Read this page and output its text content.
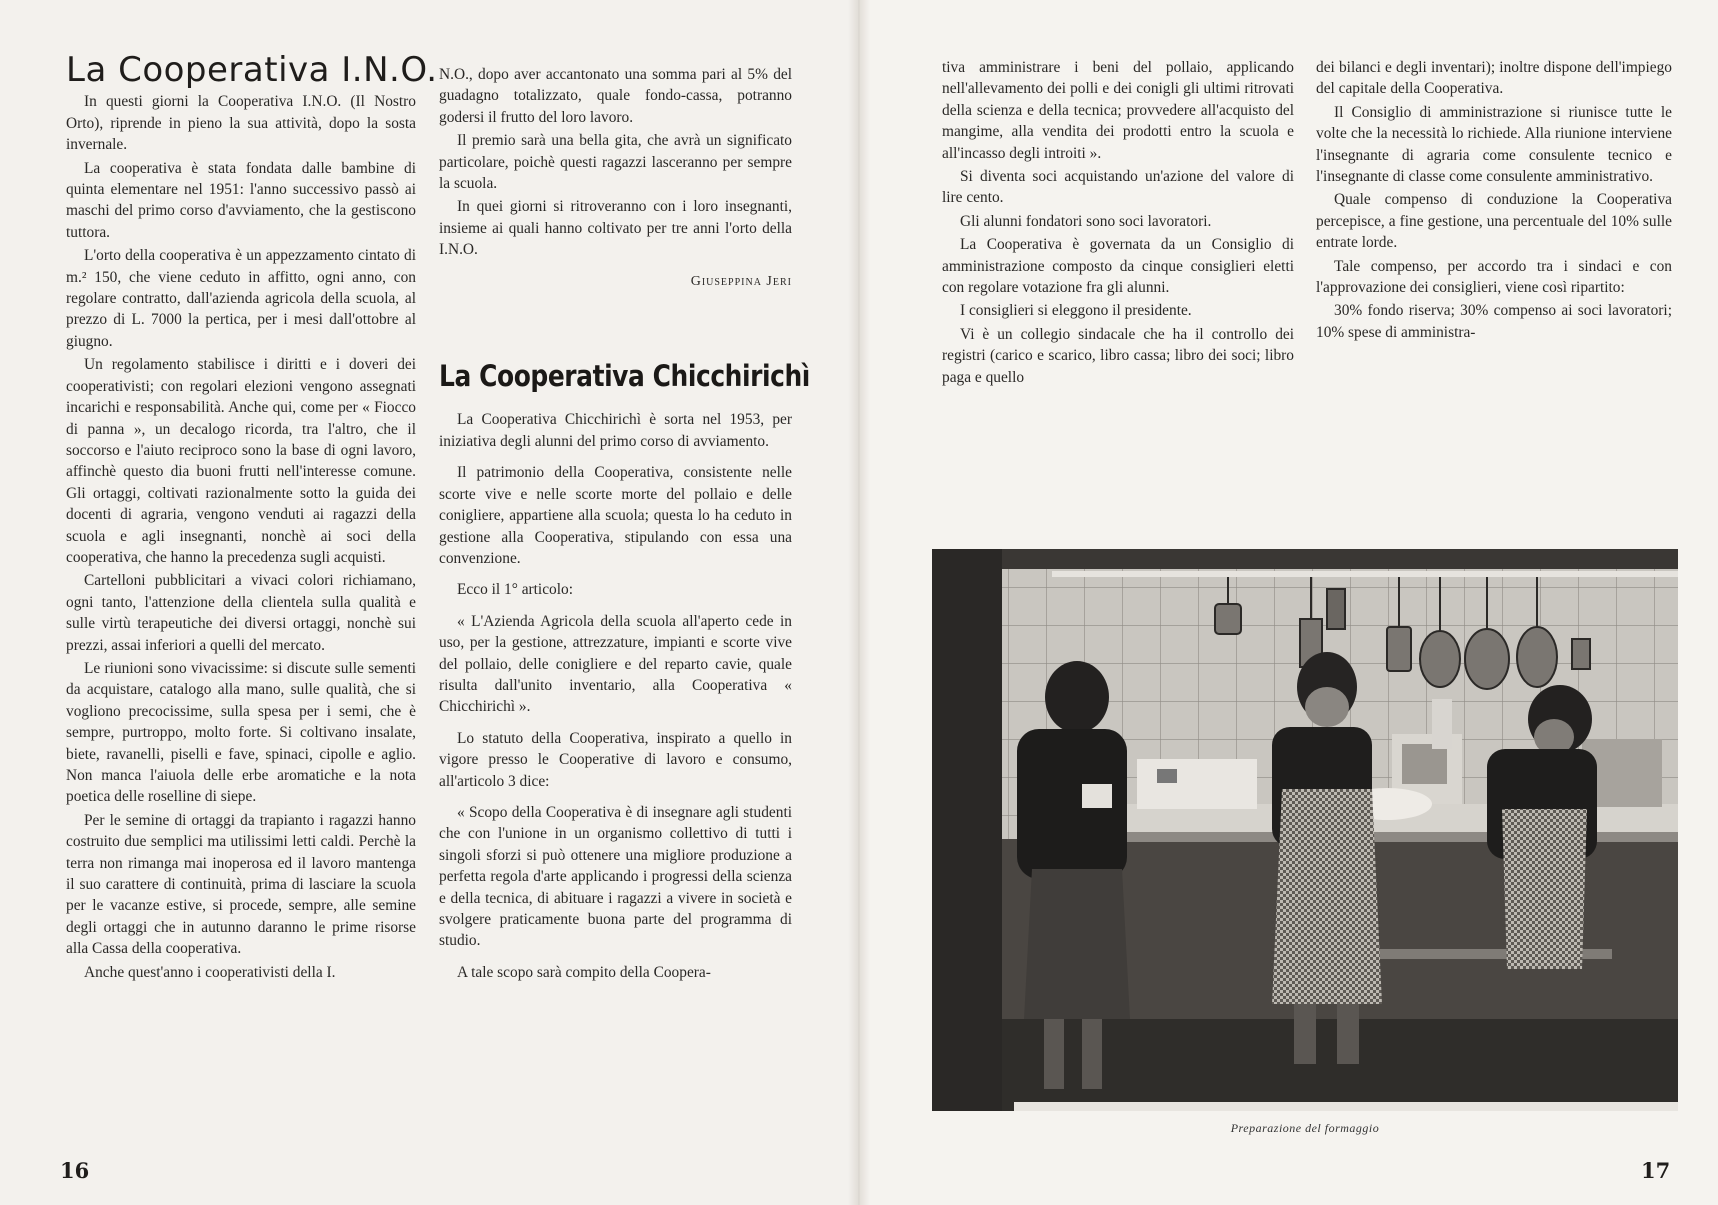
La Cooperativa I.N.O.

In questi giorni la Cooperativa I.N.O. (Il Nostro Orto), riprende in pieno la sua attività, dopo la sosta invernale.

La cooperativa è stata fondata dalle bambine di quinta elementare nel 1951: l'anno successivo passò ai maschi del primo corso d'avviamento, che la gestiscono tuttora.

L'orto della cooperativa è un appezzamento cintato di m.² 150, che viene ceduto in affitto, ogni anno, con regolare contratto, dall'azienda agricola della scuola, al prezzo di L. 7000 la pertica, per i mesi dall'ottobre al giugno.

Un regolamento stabilisce i diritti e i doveri dei cooperativisti; con regolari elezioni vengono assegnati incarichi e responsabilità. Anche qui, come per « Fiocco di panna », un decalogo ricorda, tra l'altro, che il soccorso e l'aiuto reciproco sono la base di ogni lavoro, affinchè questo dia buoni frutti nell'interesse comune. Gli ortaggi, coltivati razionalmente sotto la guida dei docenti di agraria, vengono venduti ai ragazzi della scuola e agli insegnanti, nonchè ai soci della cooperativa, che hanno la precedenza sugli acquisti.

Cartelloni pubblicitari a vivaci colori richiamano, ogni tanto, l'attenzione della clientela sulla qualità e sulle virtù terapeutiche dei diversi ortaggi, nonchè sui prezzi, assai inferiori a quelli del mercato.

Le riunioni sono vivacissime: si discute sulle sementi da acquistare, catalogo alla mano, sulle qualità, che si vogliono precocissime, sulla spesa per i semi, che è sempre, purtroppo, molto forte. Si coltivano insalate, biete, ravanelli, piselli e fave, spinaci, cipolle e aglio. Non manca l'aiuola delle erbe aromatiche e la nota poetica delle roselline di siepe.

Per le semine di ortaggi da trapianto i ragazzi hanno costruito due semplici ma utilissimi letti caldi. Perchè la terra non rimanga mai inoperosa ed il lavoro mantenga il suo carattere di continuità, prima di lasciare la scuola per le vacanze estive, si procede, sempre, alle semine degli ortaggi che in autunno daranno le prime risorse alla Cassa della cooperativa.

Anche quest'anno i cooperativisti della I.

N.O., dopo aver accantonato una somma pari al 5% del guadagno totalizzato, quale fondo-cassa, potranno godersi il frutto del loro lavoro.

Il premio sarà una bella gita, che avrà un significato particolare, poichè questi ragazzi lasceranno per sempre la scuola.

In quei giorni si ritroveranno con i loro insegnanti, insieme ai quali hanno coltivato per tre anni l'orto della I.N.O.

Giuseppina Jeri
La Cooperativa Chicchirichì

La Cooperativa Chicchirichì è sorta nel 1953, per iniziativa degli alunni del primo corso di avviamento.

Il patrimonio della Cooperativa, consistente nelle scorte vive e nelle scorte morte del pollaio e delle conigliere, appartiene alla scuola; questa lo ha ceduto in gestione alla Cooperativa, stipulando con essa una convenzione.

Ecco il 1° articolo:

« L'Azienda Agricola della scuola all'aperto cede in uso, per la gestione, attrezzature, impianti e scorte vive del pollaio, delle conigliere e del reparto cavie, quale risulta dall'unito inventario, alla Cooperativa « Chicchirichì ».

Lo statuto della Cooperativa, inspirato a quello in vigore presso le Cooperative di lavoro e consumo, all'articolo 3 dice:

« Scopo della Cooperativa è di insegnare agli studenti che con l'unione in un organismo collettivo di tutti i singoli sforzi si può ottenere una migliore produzione a perfetta regola d'arte applicando i progressi della scienza e della tecnica, di abituare i ragazzi a vivere in società e svolgere praticamente buona parte del programma di studio.

A tale scopo sarà compito della Coopera-

16

tiva amministrare i beni del pollaio, applicando nell'allevamento dei polli e dei conigli gli ultimi ritrovati della scienza e della tecnica; provvedere all'acquisto del mangime, alla vendita dei prodotti entro la scuola e all'incasso degli introiti ».

Si diventa soci acquistando un'azione del valore di lire cento.

Gli alunni fondatori sono soci lavoratori.

La Cooperativa è governata da un Consiglio di amministrazione composto da cinque consiglieri eletti con regolare votazione fra gli alunni.

I consiglieri si eleggono il presidente.

Vi è un collegio sindacale che ha il controllo dei registri (carico e scarico, libro cassa; libro dei soci; libro paga e quello

dei bilanci e degli inventari); inoltre dispone dell'impiego del capitale della Cooperativa.

Il Consiglio di amministrazione si riunisce tutte le volte che la necessità lo richiede. Alla riunione interviene l'insegnante di agraria come consulente tecnico e l'insegnante di classe come consulente amministrativo.

Quale compenso di conduzione la Cooperativa percepisce, a fine gestione, una percentuale del 10% sulle entrate lorde.

Tale compenso, per accordo tra i sindaci e con l'approvazione dei consiglieri, viene così ripartito:

30% fondo riserva; 30% compenso ai soci lavoratori; 10% spese di amministra-

Preparazione del formaggio
17
